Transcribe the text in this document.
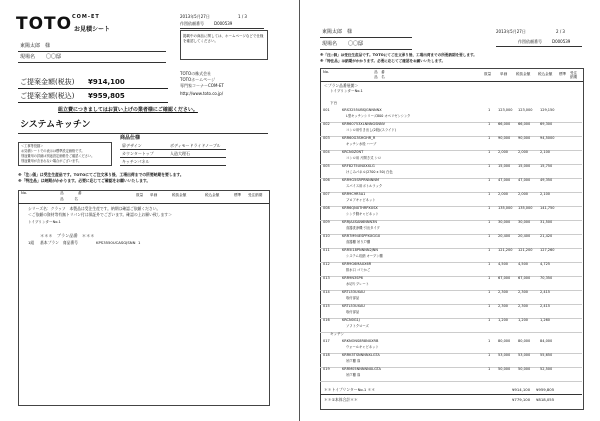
TOTO COM-ET
お見積シート
2013年5月27日	1 / 3
作図依頼番号	D000539
東陽太郎　様
現場名 〇〇邸
ご提案金額(税抜) ¥914,100
ご提案金額(税込) ¥959,805
掲載中の商品に関しては、ホームページなどで仕様を確認してください。
TOTOの株式会社
TOTOホームページ
専門家コーナーCOM-ET
http://www.toto.co.jp/
組立費につきましてはお買い上げの業者様にご確認ください。
システムキッチン
＜工事等役割＞
お見積シートでの表示は標準設定価格です。
別途費用の詳細は別途設定価格をご確認ください。
別途費用が含まれない場合がございます。
商品仕様
扉デザイン	ボディモードライドノーブル
カウンタートップ	人造大理石
キッチンパネル
※「注◇価」は受注生産品です。TOTOにてご注文承り後、工場出荷までの所要納期を要します。
※「特注品」は納期がかかります。必要に応じてご確認をお願いいたします。
No.	品　　　　番
品　　　名
数量 単価	税抜金額	税込金額	標準 受注納期
シリーズ名：クラッソ　本製品は受注生産です。納期は確認ご依頼ください。
＜ご依頼の資材等有無トリパン付は保証外でございます。確認の上お願い致します＞
トイプリンターNo.1
＊＊＊　プラン品番　＊＊＊
1組 基本プラン　商品番号	KPS3550UCASGJSNN 1
東陽太郎　様
現場名 〇〇邸
2013年5月27日	2 / 3
作図依頼番号	D000539
※「注◇価」は受注生産品です。TOTOにてご注文承り後、工場出荷までの所要納期を要します。
※「特注品」は納期がかかります。必要に応じてご確認をお願いいたします。
No.	品　番
品　名
数量 単価 税抜金額 税込金額 標準 受注納期
＜プラン品番展開＞
トイプリンターNo.1
下台
001	KRS3255UBSJGNNNNX	1 123,000 123,000 129,150
L型キッチンシリーズ800 オペリゼンシンク
002	KRR60753XLNNNGSNNV	1 66,000 66,000	69,300
コンロ用引き出し(2段)(スライド)
003	KRR60G3SHGHR_R	1 90,000 90,000	94,5000
キッチン水栓 ハーブ
004	KRCN0Z0NT	1 2,000	2,000	2,100
コンロ用 片開き式 シロ
005	KRF8275UNXXXLG	1 15,000 15,000	15,750
けこみパネル(2700 x 50) 白色
006	KRR9G5SRPRNNNNM	1 47,000 47,000	49,350
スパイス用ボトルラック
007	KRR9C9R5A1	1 2,000	2,000	2,100
フロアキャビネット
008	KRR6QNXTHRPXXSX	1 135,000 135,000 141,750
シンク側キャビネット
009	KRRJA4SAN6NNN3N	1 30,000 30,000	31,500
食器洗浄機 引出タイプ
010	KRR7M94ESPPXXGGX	1 20,400 20,400	21,420
食器棚 吊り戸棚
011	KRR5I18PNNNN2JNN	1 121,200 121,200 127,260
システム収納 オープン棚
012	KRR9G6MAXX6R	1 4,500	4,500	4,725
排水口 ゴミかご
013	KRR9N3SP6	1 67,000 67,000	70,350
水切りプレート
014	KRTL53UXAU	1 2,300	2,300	2,415
取付部品
015	KRTL53UXAU	1 2,300	2,300	2,415
取付部品
016	KRCN0G1J	1 1,200	1,200	1,260
ソフトクローズ
キッチン
017	KRKNONS8R8NXXRB	1 80,000 80,000	84,000
ウォールキャビネット
018	KRRK5TSNNNNXLGTA	1 53,000 53,000	55,650
吊戸棚 扉
019	KRRM05NNNNNXLGTA	1 50,000 50,000	52,500
吊戸棚 扉
＊＊トイプリンターNo.1 ＊＊	¥914,100 ¥959,805
＊＊①本体合計＊＊	¥779,100 ¥818,055
